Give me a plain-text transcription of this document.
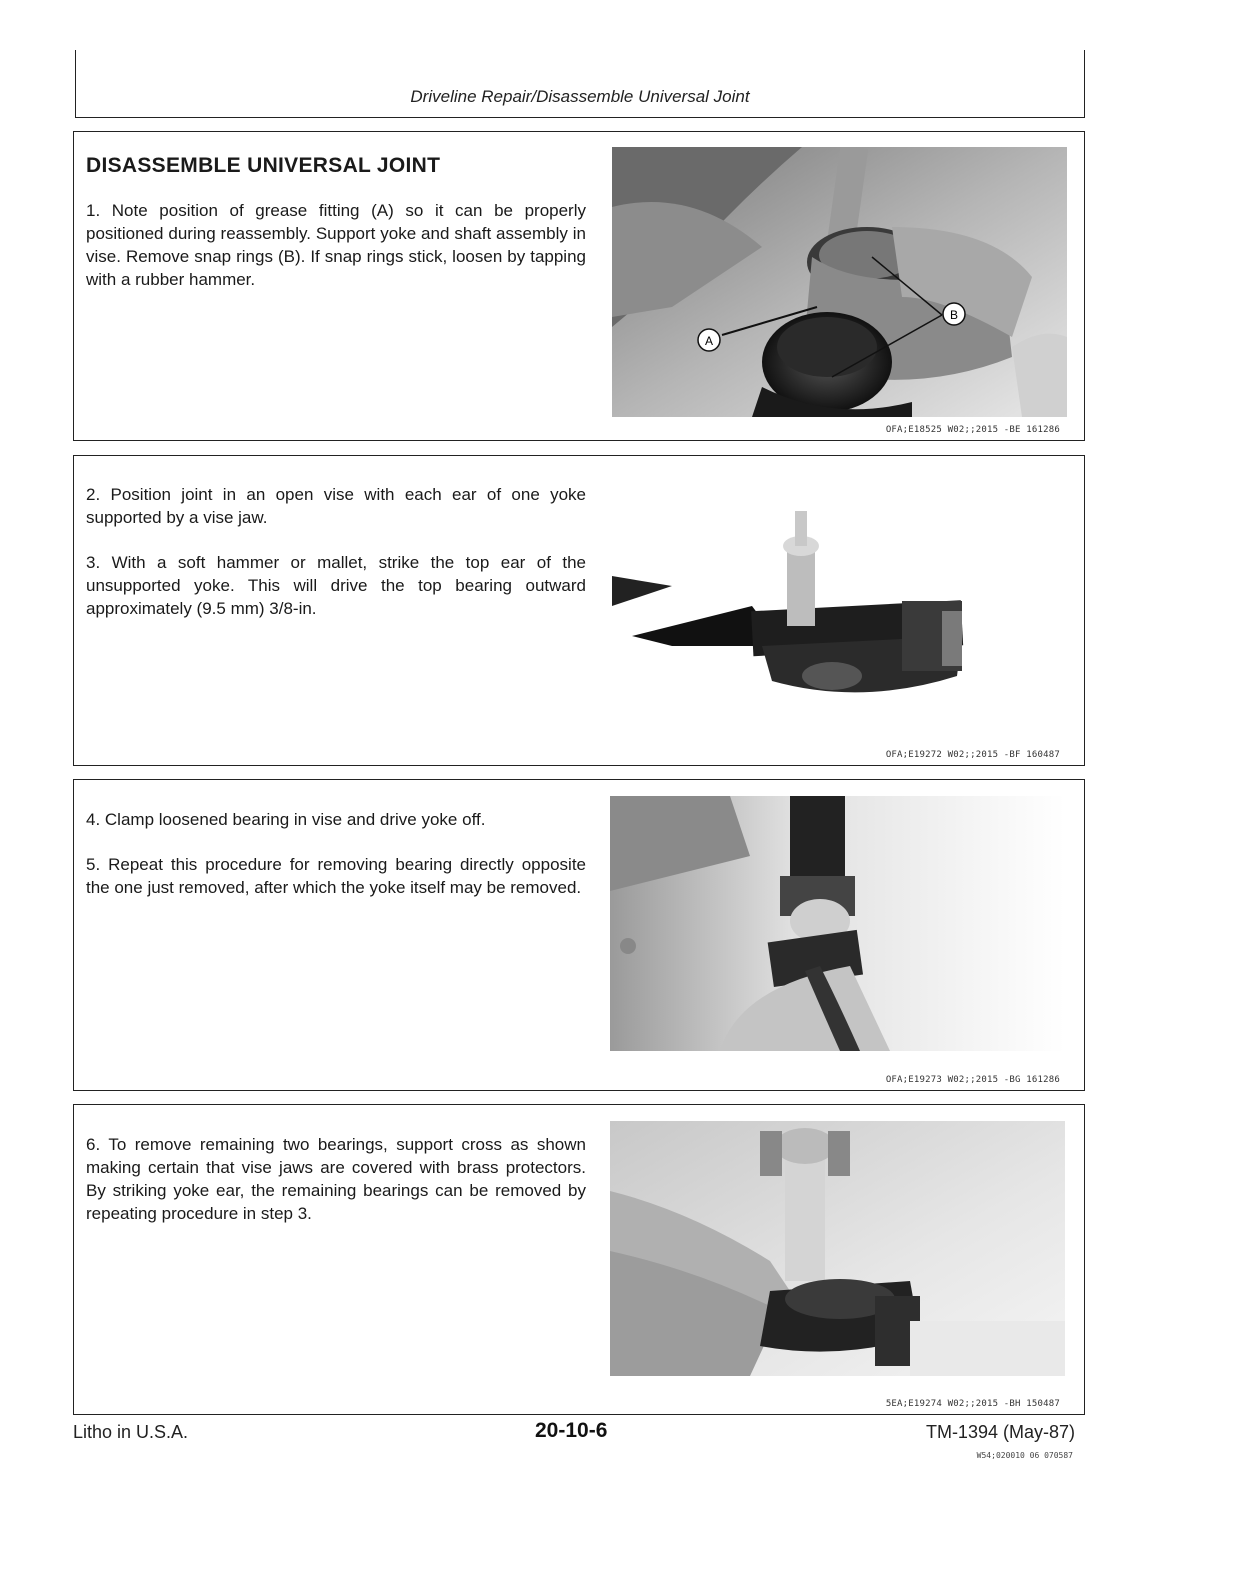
Driveline Repair/Disassemble Universal Joint
DISASSEMBLE UNIVERSAL JOINT

1. Note position of grease fitting (A) so it can be properly positioned during reassembly. Support yoke and shaft assembly in vise. Remove snap rings (B). If snap rings stick, loosen by tapping with a rubber hammer.

A
B
OFA;E18525 W02;;2015 -BE 161286

2. Position joint in an open vise with each ear of one yoke supported by a vise jaw.

3. With a soft hammer or mallet, strike the top ear of the unsupported yoke. This will drive the top bearing outward approximately (9.5 mm) 3/8-in.

OFA;E19272 W02;;2015 -BF 160487

4. Clamp loosened bearing in vise and drive yoke off.

5. Repeat this procedure for removing bearing directly opposite the one just removed, after which the yoke itself may be removed.

OFA;E19273 W02;;2015 -BG 161286

6. To remove remaining two bearings, support cross as shown making certain that vise jaws are covered with brass protectors. By striking yoke ear, the remaining bearings can be removed by repeating procedure in step 3.

5EA;E19274 W02;;2015 -BH 150487
Litho in U.S.A.	20-10-6	TM-1394 (May-87)
W54;020010 06 070587
